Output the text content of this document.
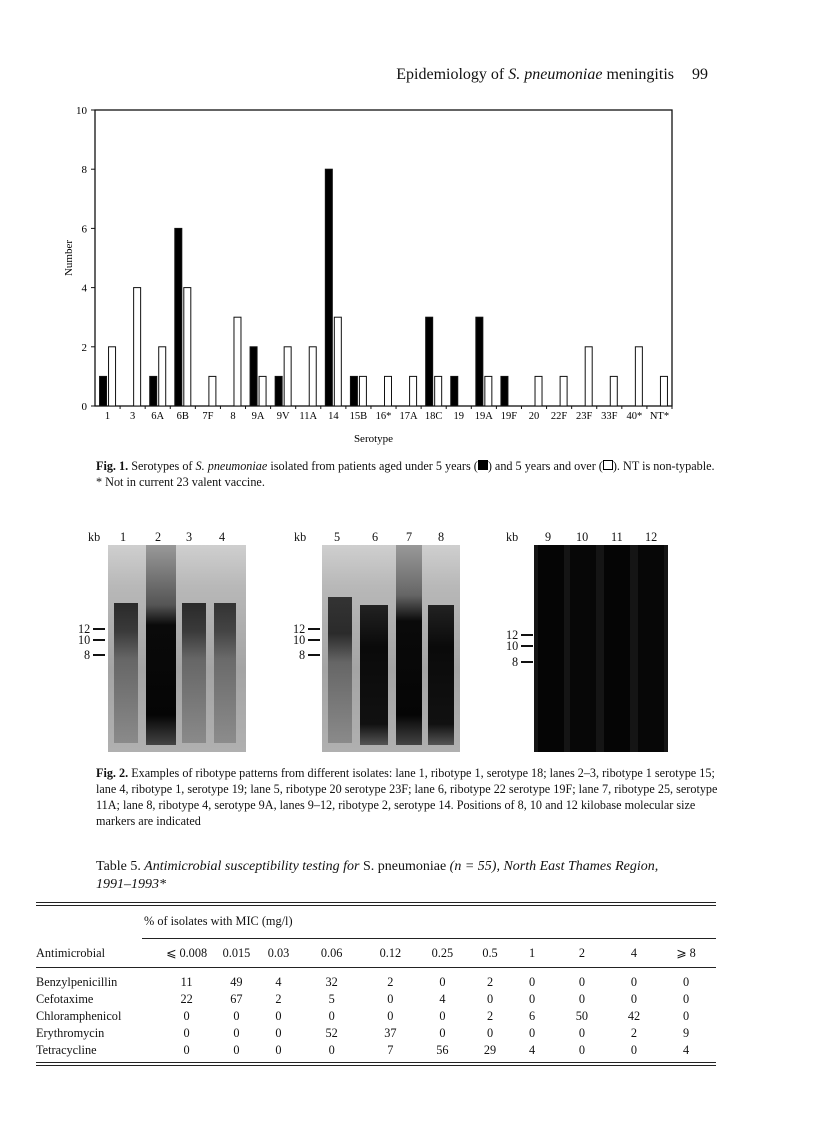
Epidemiology of S. pneumoniae meningitis 99
0
2
4
6
8
10
Number
1 3 6A 6B 7F 8 9A 9V 11A 14 15B 16* 17A 18C 19 19A 19F 20 22F 23F 33F 40* NT*
Serotype
Fig. 1. Serotypes of S. pneumoniae isolated from patients aged under 5 years ( ) and 5 years and over ( ). NT is non-typable.
* Not in current 23 valent vaccine.
kb 1 2 3 4
12
10
8
kb 5	6 7 8
12
10
8
kb 9 10 11 12
12
10
8
Fig. 2. Examples of ribotype patterns from different isolates: lane 1, ribotype 1, serotype 18; lanes 2–3, ribotype 1 serotype 15; lane 4, ribotype 1, serotype 19; lane 5, ribotype 20 serotype 23F; lane 6, ribotype 22 serotype 19F; lane 7, ribotype 25, serotype 11A; lane 8, ribotype 4, serotype 9A, lanes 9–12, ribotype 2, serotype 14. Positions of 8, 10 and 12 kilobase molecular size markers are indicated
Table 5. Antimicrobial susceptibility testing for S. pneumoniae (n = 55), North East Thames Region,
1991–1993*
% of isolates with MIC (mg/l)
Antimicrobial	⩽ 0.008	0.015	0.03	0.06	0.12	0.25	0.5	1	2	4	⩾ 8
Benzylpenicillin	11	49	4	32	2	0	2	0	0	0	0
Cefotaxime	22	67	2	5	0	4	0	0	0	0	0
Chloramphenicol	0	0	0	0	0	0	2	6	50	42	0
Erythromycin	0	0	0	52	37	0	0	0	0	2	9
Tetracycline	0	0	0	0	7	56	29	4	0	0	4
